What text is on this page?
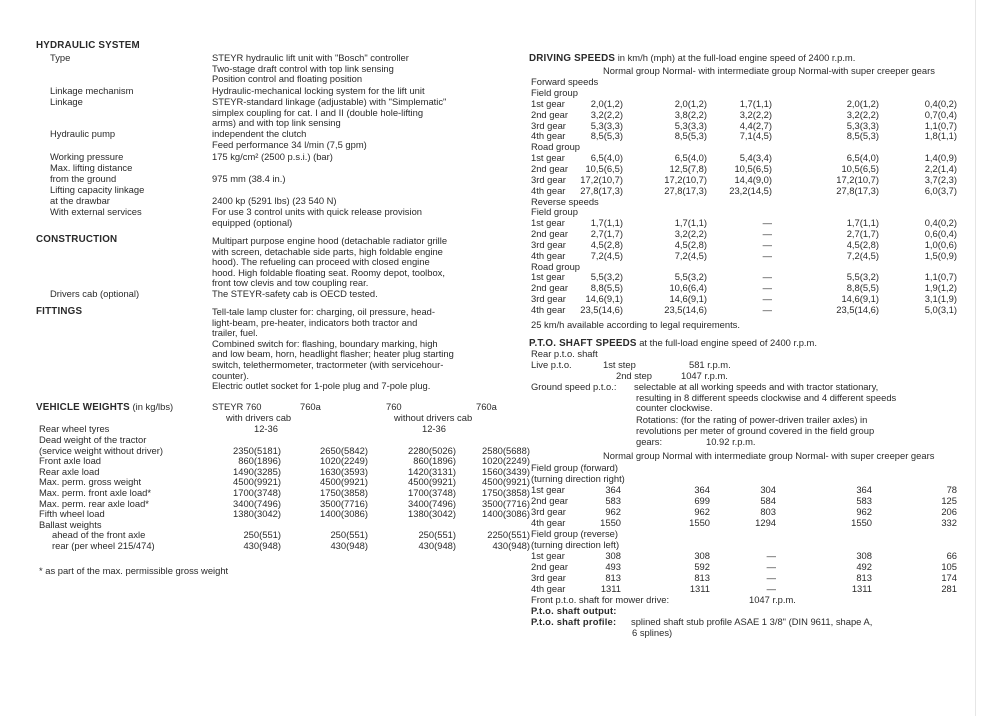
HYDRAULIC SYSTEM
Type	STEYR hydraulic lift unit with "Bosch" controller
Two-stage draft control with top link sensing
Position control and floating position
Linkage mechanism	Hydraulic-mechanical locking system for the lift unit
Linkage	STEYR-standard linkage (adjustable) with "Simplematic"
simplex coupling for cat. I and II (double hole-lifting
arms) and with top link sensing
Hydraulic pump	independent the clutch
Feed performance 34 l/min (7,5 gpm)
Working pressure	175 kg/cm² (2500 p.s.i.) (bar)
Max. lifting distance
from the ground	975 mm (38.4 in.)
Lifting capacity linkage
at the drawbar	2400 kp (5291 lbs) (23 540 N)
With external services	For use 3 control units with quick release provision
equipped (optional)
CONSTRUCTION	Multipart purpose engine hood (detachable radiator grille
with screen, detachable side parts, high foldable engine
hood). The refueling can proceed with closed engine
hood. High foldable floating seat. Roomy depot, toolbox,
front tow clevis and tow coupling rear.
Drivers cab (optional)	The STEYR-safety cab is OECD tested.
FITTINGS	Tell-tale lamp cluster for: charging, oil pressure, head-
light-beam, pre-heater, indicators both tractor and
trailer, fuel.
Combined switch for: flashing, boundary marking, high
and low beam, horn, headlight flasher; heater plug starting
switch, telethermometer, tractormeter (with servicehour-
counter).
Electric outlet socket for 1-pole plug and 7-pole plug.
VEHICLE WEIGHTS (in kg/lbs)	STEYR 760	760a	760	760a
with drivers cab	without drivers cab
Rear wheel tyres	12-36	12-36
* as part of the max. permissible gross weight
Dead weight of the tractor
(service weight without driver)	2350(5181)	2650(5842)	2280(5026)	2580(5688)
Front axle load	860(1896)	1020(2249)	860(1896)	1020(2249)
Rear axle load	1490(3285)	1630(3593)	1420(3131)	1560(3439)
Max. perm. gross weight	4500(9921)	4500(9921)	4500(9921)	4500(9921)
Max. perm. front axle load*	1700(3748)	1750(3858)	1700(3748)	1750(3858)
Max. perm. rear axle load*	3400(7496)	3500(7716)	3400(7496)	3500(7716)
Fifth wheel load	1380(3042)	1400(3086)	1380(3042)	1400(3086)
Ballast weights
ahead of the front axle	250(551)	250(551)	250(551)	2250(551)
rear (per wheel 215/474)	430(948)	430(948)	430(948)	430(948)
DRIVING SPEEDS in km/h (mph) at the full-load engine speed of 2400 r.p.m.
Normal group Normal- with intermediate group Normal-with super creeper gears
Forward speeds
25 km/h available according to legal requirements.
P.T.O. SHAFT SPEEDS at the full-load engine speed of 2400 r.p.m.
Rear p.t.o. shaft
Live p.t.o.	1st step	581 r.p.m.
2nd step	1047 r.p.m.
Ground speed p.t.o.: selectable at all working speeds and with tractor stationary,
resulting in 8 different speeds clockwise and 4 different speeds
counter clockwise.
Rotations: (for the rating of power-driven trailer axles) in
revolutions per meter of ground covered in the field group
gears:	10.92 r.p.m.
Normal group Normal with intermediate group Normal- with super creeper gears
Front p.t.o. shaft for mower drive:	1047 r.p.m.
P.t.o. shaft output:
P.t.o. shaft profile: splined shaft stub profile ASAE 1 3/8" (DIN 9611, shape A,
6 splines)
Field group
1st gear	2,0(1,2)	2,0(1,2)	1,7(1,1)	2,0(1,2)	0,4(0,2)
2nd gear	3,2(2,2)	3,8(2,2)	3,2(2,2)	3,2(2,2)	0,7(0,4)
3rd gear	5,3(3,3)	5,3(3,3)	4,4(2,7)	5,3(3,3)	1,1(0,7)
4th gear	8,5(5,3)	8,5(5,3)	7,1(4,5)	8,5(5,3)	1,8(1,1)
Road group
1st gear	6,5(4,0)	6,5(4,0)	5,4(3,4)	6,5(4,0)	1,4(0,9)
2nd gear	10,5(6,5)	12,5(7,8)	10,5(6,5)	10,5(6,5)	2,2(1,4)
3rd gear	17,2(10,7)	17,2(10,7)	14,4(9,0)	17,2(10,7)	3,7(2,3)
4th gear	27,8(17,3)	27,8(17,3)	23,2(14,5)	27,8(17,3)	6,0(3,7)
Reverse speeds
Field group
1st gear	1,7(1,1)	1,7(1,1)	—	1,7(1,1)	0,4(0,2)
2nd gear	2,7(1,7)	3,2(2,2)	—	2,7(1,7)	0,6(0,4)
3rd gear	4,5(2,8)	4,5(2,8)	—	4,5(2,8)	1,0(0,6)
4th gear	7,2(4,5)	7,2(4,5)	—	7,2(4,5)	1,5(0,9)
Road group
1st gear	5,5(3,2)	5,5(3,2)	—	5,5(3,2)	1,1(0,7)
2nd gear	8,8(5,5)	10,6(6,4)	—	8,8(5,5)	1,9(1,2)
3rd gear	14,6(9,1)	14,6(9,1)	—	14,6(9,1)	3,1(1,9)
4th gear	23,5(14,6)	23,5(14,6)	—	23,5(14,6)	5,0(3,1)
Field group (forward)
(turning direction right)
1st gear	364	364	304	364	78
2nd gear	583	699	584	583	125
3rd gear	962	962	803	962	206
4th gear	1550	1550	1294	1550	332
Field group (reverse)
(turning direction left)
1st gear	308	308	—	308	66
2nd gear	493	592	—	492	105
3rd gear	813	813	—	813	174
4th gear	1311	1311	—	1311	281
